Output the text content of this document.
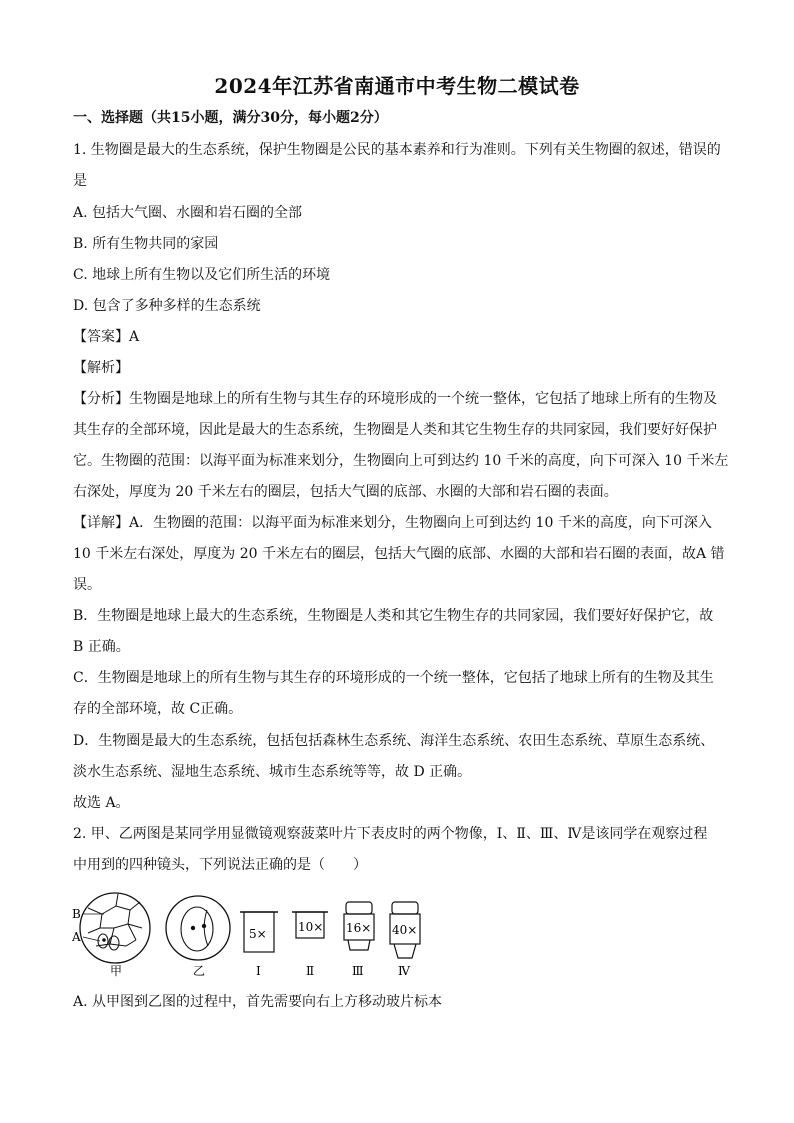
2024年江苏省南通市中考生物二模试卷
一、选择题（共15小题，满分30分，每小题2分）
1. 生物圈是最大的生态系统，保护生物圈是公民的基本素养和行为准则。下列有关生物圈的叙述，错误的
是
A. 包括大气圈、水圈和岩石圈的全部
B. 所有生物共同的家园
C. 地球上所有生物以及它们所生活的环境
D. 包含了多种多样的生态系统
【答案】A
【解析】
【分析】生物圈是地球上的所有生物与其生存的环境形成的一个统一整体，它包括了地球上所有的生物及
其生存的全部环境，因此是最大的生态系统，生物圈是人类和其它生物生存的共同家园，我们要好好保护
它。生物圈的范围：以海平面为标准来划分，生物圈向上可到达约 10 千米的高度，向下可深入 10 千米左
右深处，厚度为 20 千米左右的圈层，包括大气圈的底部、水圈的大部和岩石圈的表面。
【详解】A．生物圈的范围：以海平面为标准来划分，生物圈向上可到达约 10 千米的高度，向下可深入
10 千米左右深处，厚度为 20 千米左右的圈层，包括大气圈的底部、水圈的大部和岩石圈的表面，故A 错
误。
B．生物圈是地球上最大的生态系统，生物圈是人类和其它生物生存的共同家园，我们要好好保护它，故
B 正确。
C．生物圈是地球上的所有生物与其生存的环境形成的一个统一整体，它包括了地球上所有的生物及其生
存的全部环境，故 C正确。
D．生物圈是最大的生态系统，包括包括森林生态系统、海洋生态系统、农田生态系统、草原生态系统、
淡水生态系统、湿地生态系统、城市生态系统等等，故 D 正确。
故选 A。
2. 甲、乙两图是某同学用显微镜观察菠菜叶片下表皮时的两个物像，Ⅰ、Ⅱ、Ⅲ、Ⅳ是该同学在观察过程
中用到的四种镜头，下列说法正确的是（　　）
B
A
甲	乙
5×
Ⅰ
10×
Ⅱ
16×
Ⅲ
40×
Ⅳ
A. 从甲图到乙图的过程中，首先需要向右上方移动玻片标本
